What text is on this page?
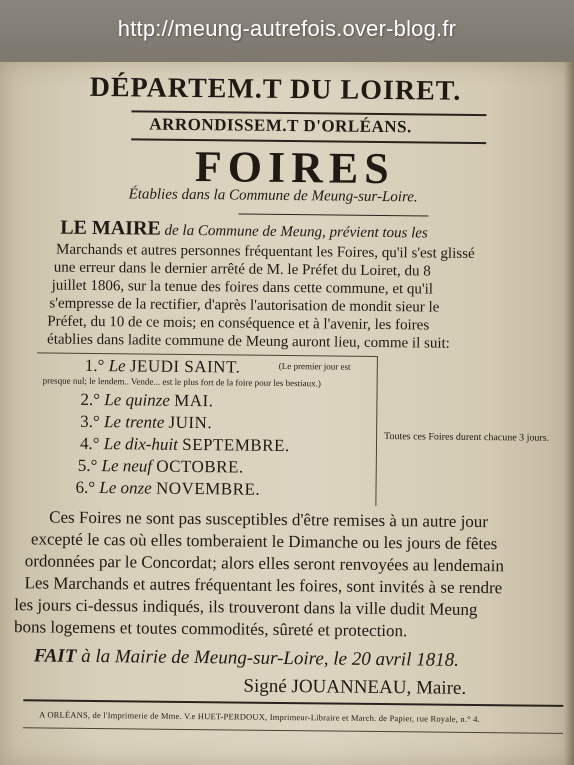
http://meung-autrefois.over-blog.fr
DÉPARTEM.T DU LOIRET.
ARRONDISSEM.T D'ORLÉANS.
FOIRES
Établies dans la Commune de Meung-sur-Loire.
LE MAIRE de la Commune de Meung, prévient tous les
Marchands et autres personnes fréquentant les Foires, qu'il s'est glissé
une erreur dans le dernier arrêté de M. le Préfet du Loiret, du 8
juillet 1806, sur la tenue des foires dans cette commune, et qu'il
s'empresse de la rectifier, d'après l'autorisation de mondit sieur le
Préfet, du 10 de ce mois; en conséquence et à l'avenir, les foires
établies dans ladite commune de Meung auront lieu, comme il suit:
1.° Le JEUDI SAINT.	(Le premier jour est
presque nul; le lendem.. Vende... est le plus fort de la foire pour les bestiaux.)
2.° Le quinze MAI.
3.° Le trente JUIN.
4.° Le dix-huit SEPTEMBRE.
5.° Le neuf OCTOBRE.
6.° Le onze NOVEMBRE.
Toutes ces Foires durent chacune 3 jours.
Ces Foires ne sont pas susceptibles d'être remises à un autre jour
excepté le cas où elles tomberaient le Dimanche ou les jours de fêtes
ordonnées par le Concordat; alors elles seront renvoyées au lendemain
Les Marchands et autres fréquentant les foires, sont invités à se rendre
les jours ci-dessus indiqués, ils trouveront dans la ville dudit Meung
bons logemens et toutes commodités, sûreté et protection.
FAIT à la Mairie de Meung-sur-Loire, le 20 avril 1818.
Signé JOUANNEAU, Maire.
A ORLÉANS, de l'Imprimerie de Mme. V.e HUET-PERDOUX, Imprimeur-Libraire et March. de Papier, rue Royale, n.° 4.
